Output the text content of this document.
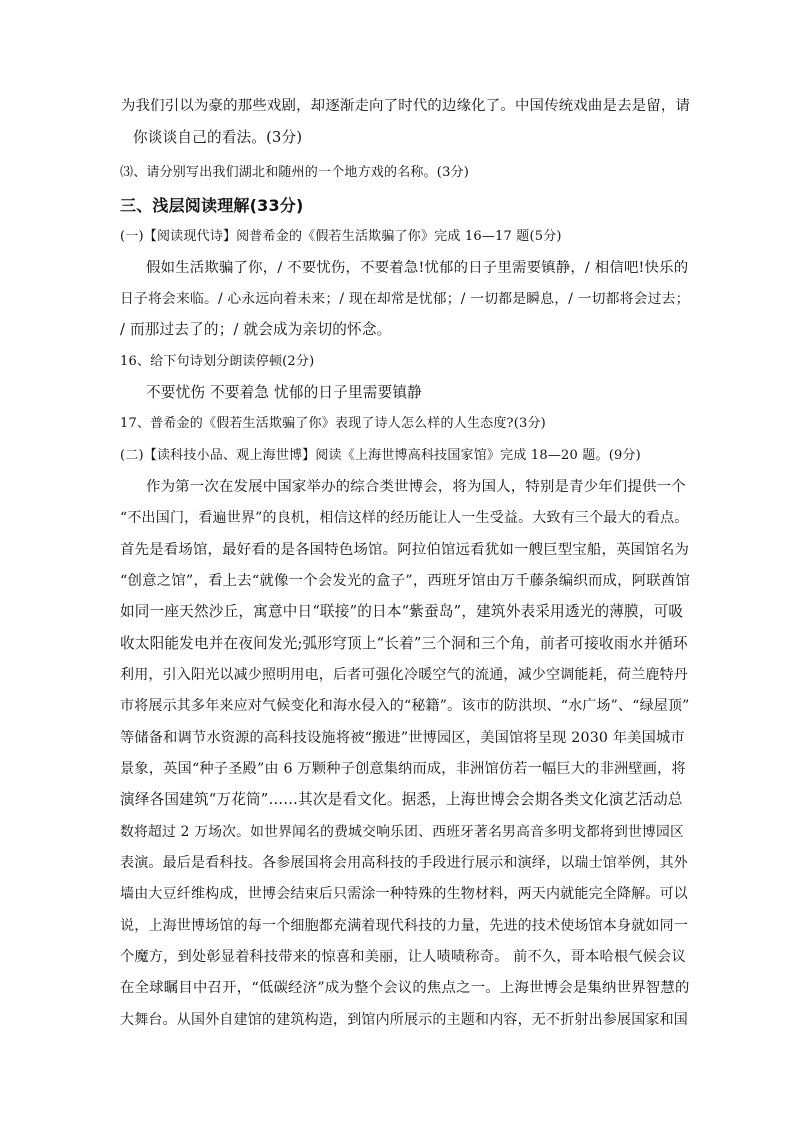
为我们引以为豪的那些戏剧，却逐渐走向了时代的边缘化了。中国传统戏曲是去是留，请
你谈谈自己的看法。(3分)
⑶、请分别写出我们湖北和随州的一个地方戏的名称。(3分)
三、浅层阅读理解(33分)
(一)【阅读现代诗】阅普希金的《假若生活欺骗了你》完成 16—17 题(5分)
假如生活欺骗了你，/ 不要忧伤，不要着急!忧郁的日子里需要镇静，/ 相信吧!快乐的
日子将会来临。/ 心永远向着未来；/ 现在却常是忧郁；/ 一切都是瞬息，/ 一切都将会过去；
/ 而那过去了的；/ 就会成为亲切的怀念。
16、给下句诗划分朗读停顿(2分)
不要忧伤 不要着急 忧郁的日子里需要镇静
17、普希金的《假若生活欺骗了你》表现了诗人怎么样的人生态度?(3分)
(二)【读科技小品、观上海世博】阅读《上海世博高科技国家馆》完成 18—20 题。(9分)
作为第一次在发展中国家举办的综合类世博会，将为国人，特别是青少年们提供一个
“不出国门，看遍世界”的良机，相信这样的经历能让人一生受益。大致有三个最大的看点。
首先是看场馆，最好看的是各国特色场馆。阿拉伯馆远看犹如一艘巨型宝船，英国馆名为
“创意之馆”，看上去“就像一个会发光的盒子”，西班牙馆由万千藤条编织而成，阿联酋馆
如同一座天然沙丘，寓意中日“联接”的日本“紫蚕岛”，建筑外表采用透光的薄膜，可吸
收太阳能发电并在夜间发光;弧形穹顶上“长着”三个洞和三个角，前者可接收雨水并循环
利用，引入阳光以减少照明用电，后者可强化冷暖空气的流通，减少空调能耗，荷兰鹿特丹
市将展示其多年来应对气候变化和海水侵入的“秘籍”。该市的防洪坝、“水广场”、“绿屋顶”
等储备和调节水资源的高科技设施将被“搬进”世博园区，美国馆将呈现 2030 年美国城市
景象，英国“种子圣殿”由 6 万颗种子创意集纳而成，非洲馆仿若一幅巨大的非洲壁画，将
演绎各国建筑“万花筒”……其次是看文化。据悉，上海世博会会期各类文化演艺活动总
数将超过 2 万场次。如世界闻名的费城交响乐团、西班牙著名男高音多明戈都将到世博园区
表演。最后是看科技。各参展国将会用高科技的手段进行展示和演绎，以瑞士馆举例，其外
墙由大豆纤维构成，世博会结束后只需涂一种特殊的生物材料，两天内就能完全降解。可以
说，上海世博场馆的每一个细胞都充满着现代科技的力量，先进的技术使场馆本身就如同一
个魔方，到处彰显着科技带来的惊喜和美丽，让人啧啧称奇。 前不久，哥本哈根气候会议
在全球瞩目中召开，“低碳经济”成为整个会议的焦点之一。上海世博会是集纳世界智慧的
大舞台。从国外自建馆的建筑构造，到馆内所展示的主题和内容，无不折射出参展国家和国
